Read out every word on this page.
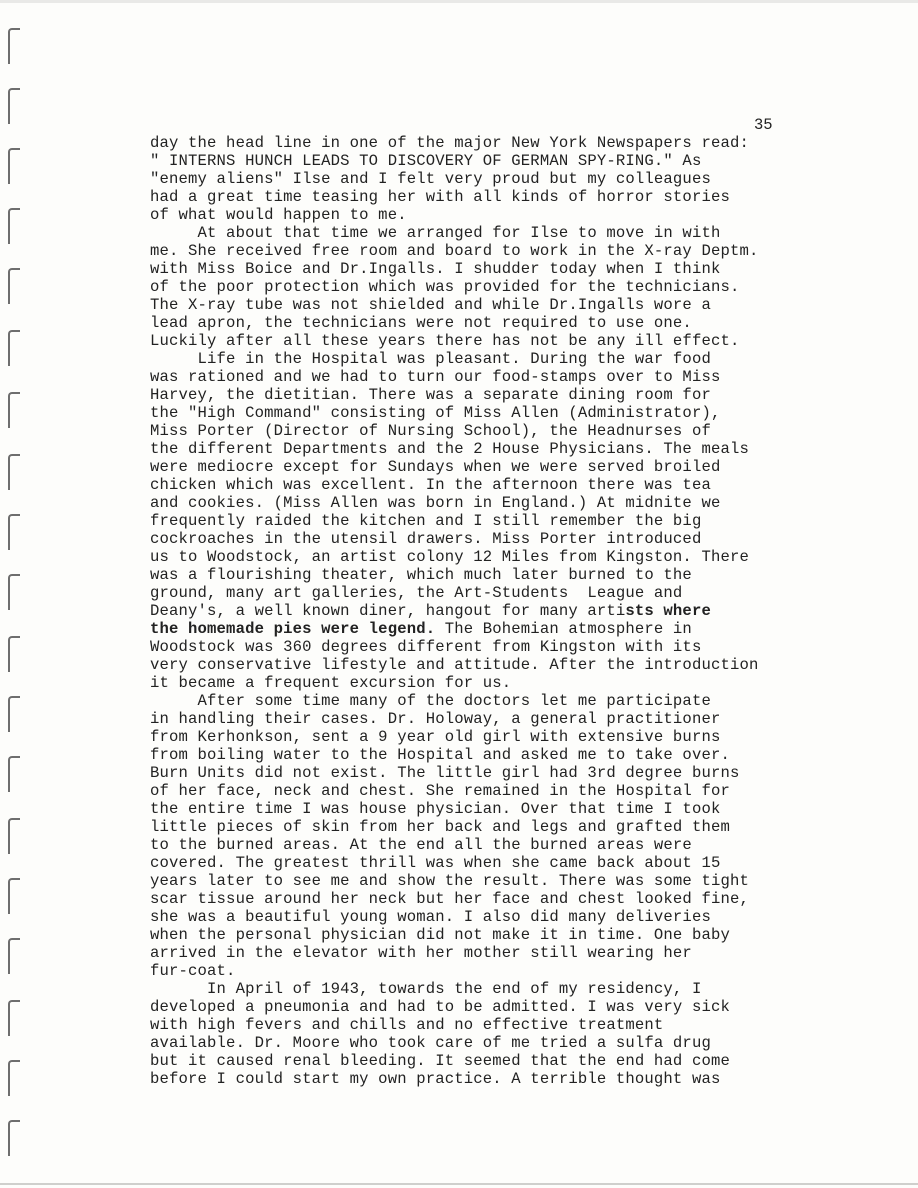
35
day the head line in one of the major New York Newspapers read:
" INTERNS HUNCH LEADS TO DISCOVERY OF GERMAN SPY-RING." As
"enemy aliens" Ilse and I felt very proud but my colleagues
had a great time teasing her with all kinds of horror stories
of what would happen to me.
At about that time we arranged for Ilse to move in with
me. She received free room and board to work in the X-ray Deptm.
with Miss Boice and Dr.Ingalls. I shudder today when I think
of the poor protection which was provided for the technicians.
The X-ray tube was not shielded and while Dr.Ingalls wore a
lead apron, the technicians were not required to use one.
Luckily after all these years there has not be any ill effect.
Life in the Hospital was pleasant. During the war food
was rationed and we had to turn our food-stamps over to Miss
Harvey, the dietitian. There was a separate dining room for
the "High Command" consisting of Miss Allen (Administrator),
Miss Porter (Director of Nursing School), the Headnurses of
the different Departments and the 2 House Physicians. The meals
were mediocre except for Sundays when we were served broiled
chicken which was excellent. In the afternoon there was tea
and cookies. (Miss Allen was born in England.) At midnite we
frequently raided the kitchen and I still remember the big
cockroaches in the utensil drawers. Miss Porter introduced
us to Woodstock, an artist colony 12 Miles from Kingston. There
was a flourishing theater, which much later burned to the
ground, many art galleries, the Art-Students  League and
Deany's, a well known diner, hangout for many artists where
the homemade pies were legend. The Bohemian atmosphere in
Woodstock was 360 degrees different from Kingston with its
very conservative lifestyle and attitude. After the introduction
it became a frequent excursion for us.
After some time many of the doctors let me participate
in handling their cases. Dr. Holoway, a general practitioner
from Kerhonkson, sent a 9 year old girl with extensive burns
from boiling water to the Hospital and asked me to take over.
Burn Units did not exist. The little girl had 3rd degree burns
of her face, neck and chest. She remained in the Hospital for
the entire time I was house physician. Over that time I took
little pieces of skin from her back and legs and grafted them
to the burned areas. At the end all the burned areas were
covered. The greatest thrill was when she came back about 15
years later to see me and show the result. There was some tight
scar tissue around her neck but her face and chest looked fine,
she was a beautiful young woman. I also did many deliveries
when the personal physician did not make it in time. One baby
arrived in the elevator with her mother still wearing her
fur-coat.
In April of 1943, towards the end of my residency, I
developed a pneumonia and had to be admitted. I was very sick
with high fevers and chills and no effective treatment
available. Dr. Moore who took care of me tried a sulfa drug
but it caused renal bleeding. It seemed that the end had come
before I could start my own practice. A terrible thought was
